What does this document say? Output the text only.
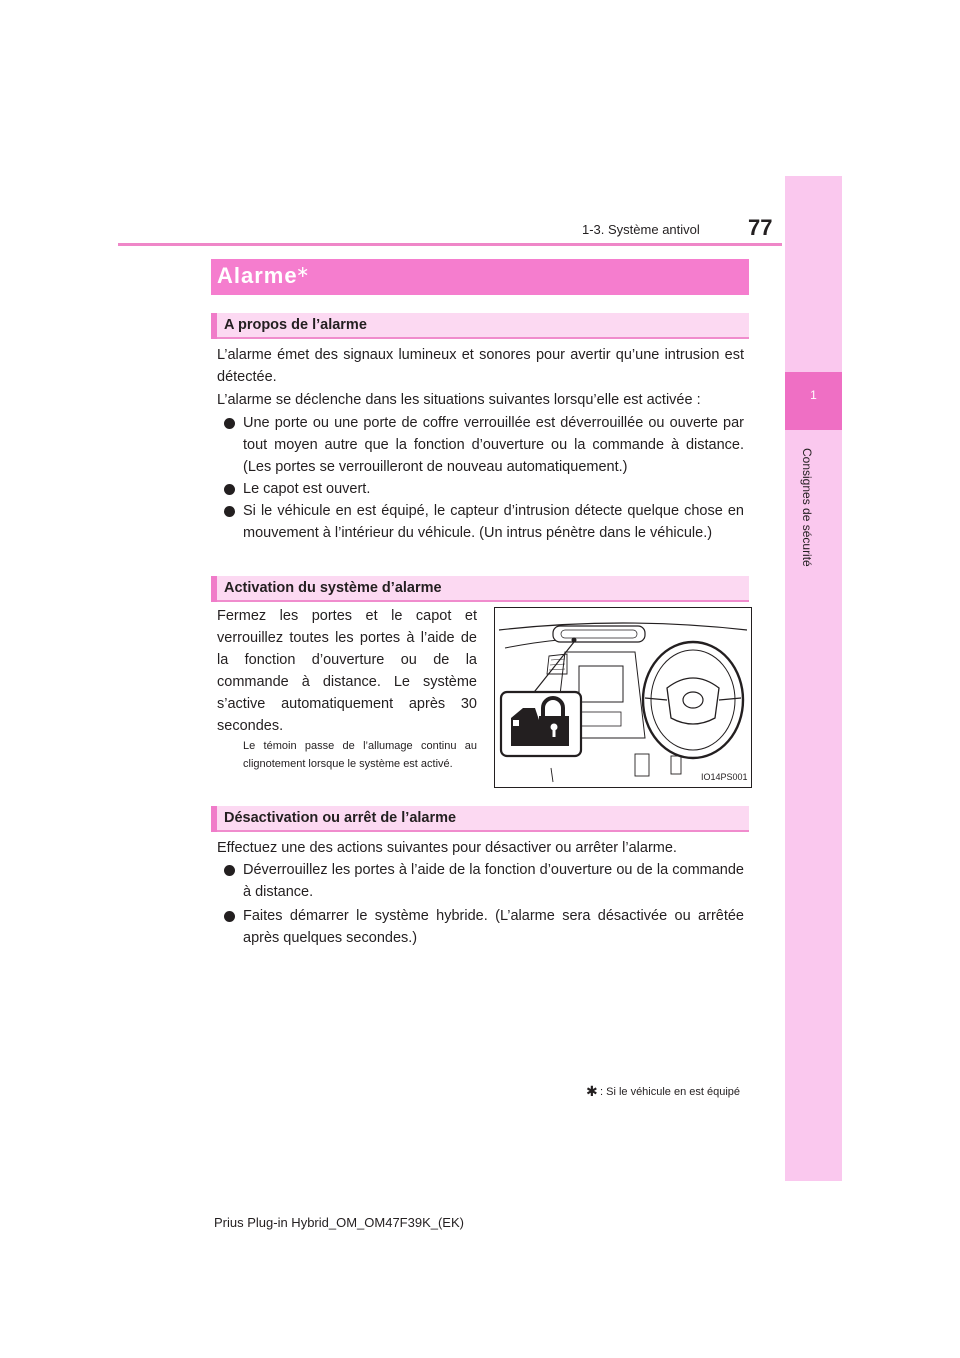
1
Consignes de sécurité
77
1-3. Système antivol
Alarme
∗
A propos de l’alarme
L’alarme émet des signaux lumineux et sonores pour avertir qu’une intrusion est détectée.
L’alarme se déclenche dans les situations suivantes lorsqu’elle est activée :
Une porte ou une porte de coffre verrouillée est déverrouillée ou ouverte par tout moyen autre que la fonction d’ouverture ou la commande à distance. (Les portes se verrouilleront de nouveau automatiquement.)
Le capot est ouvert.
Si le véhicule en est équipé, le capteur d’intrusion détecte quelque chose en mouvement à l’intérieur du véhicule. (Un intrus pénètre dans le véhicule.)
Activation du système d’alarme
Fermez les portes et le capot et verrouillez toutes les portes à l’aide de la fonction d’ouverture ou de la commande à distance. Le système s’active automatiquement après 30 secondes.
Le témoin passe de l’allumage continu au clignotement lorsque le système est activé.
IO14PS001
Désactivation ou arrêt de l’alarme
Effectuez une des actions suivantes pour désactiver ou arrêter l’alarme.
Déverrouillez les portes à l’aide de la fonction d’ouverture ou de la commande à distance.
Faites démarrer le système hybride. (L’alarme sera désactivée ou arrêtée après quelques secondes.)
✱ : Si le véhicule en est équipé
Prius Plug-in Hybrid_OM_OM47F39K_(EK)
